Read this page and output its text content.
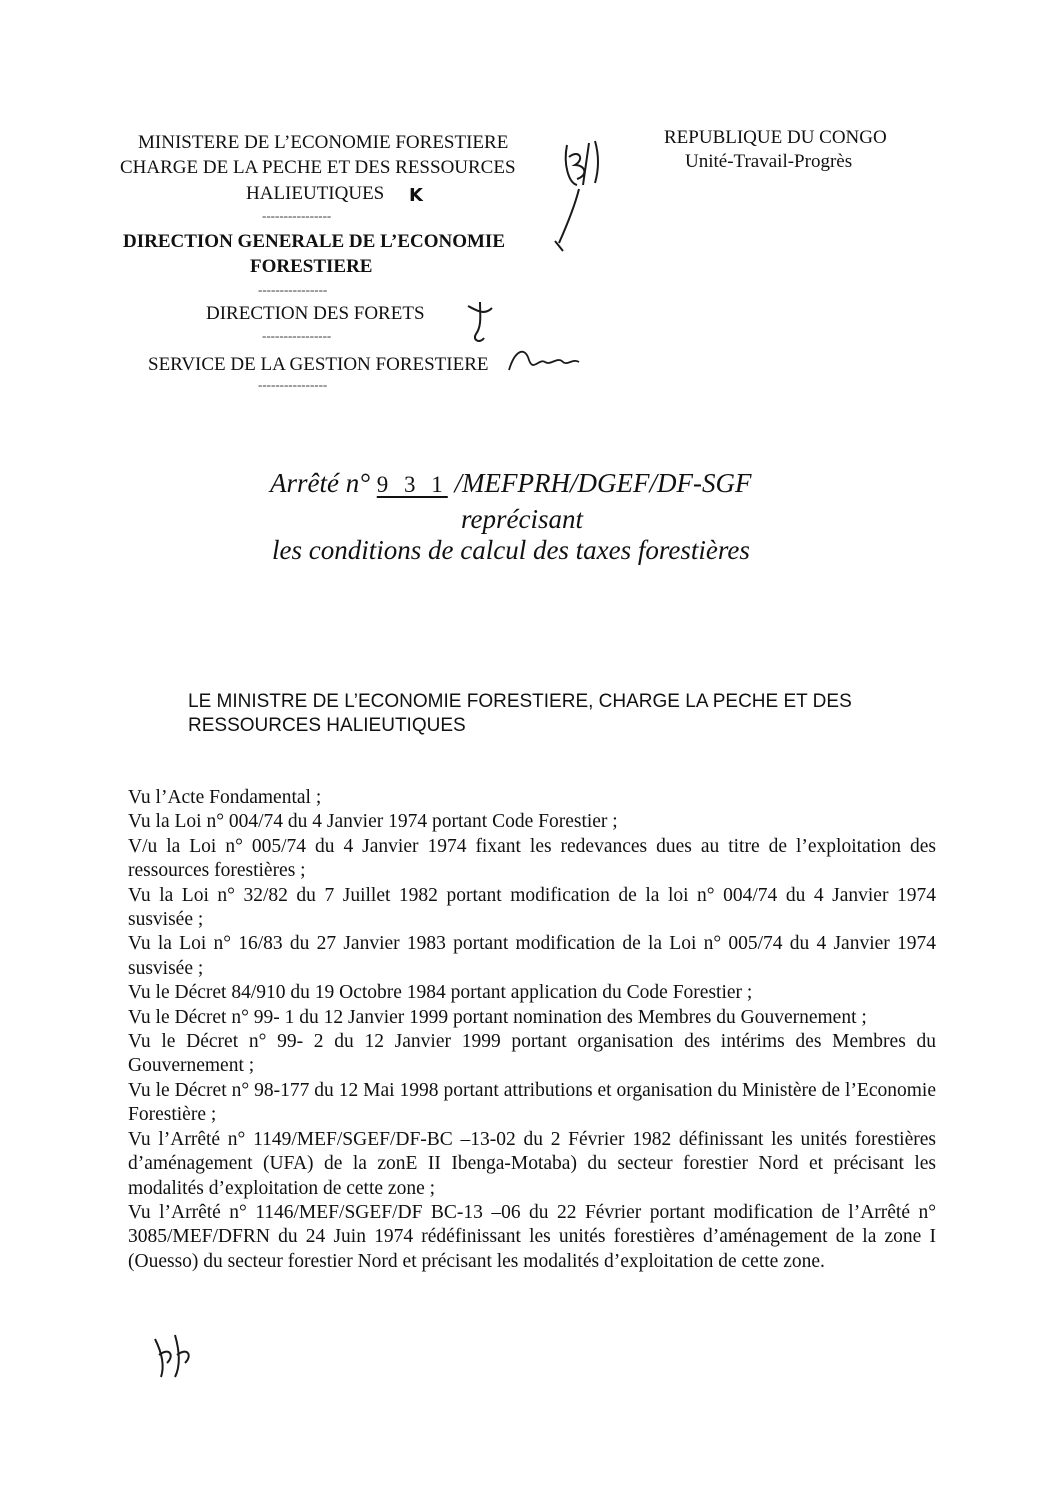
MINISTERE DE L’ECONOMIE FORESTIERE
CHARGE DE LA PECHE ET DES RESSOURCES
HALIEUTIQUES K
----------------
DIRECTION GENERALE DE L’ECONOMIE
FORESTIERE
----------------
DIRECTION DES FORETS
----------------
SERVICE DE LA GESTION FORESTIERE
----------------
REPUBLIQUE DU CONGO
Unité-Travail-Progrès
Arrêté n° 9 3 1 /MEFPRH/DGEF/DF-SGF
reprécisant
les conditions de calcul des taxes forestières
LE MINISTRE DE L’ECONOMIE FORESTIERE, CHARGE LA PECHE ET DES RESSOURCES HALIEUTIQUES

Vu l’Acte Fondamental ;

Vu la Loi n° 004/74 du 4 Janvier 1974 portant Code Forestier ;

V/u la Loi n° 005/74 du 4 Janvier 1974 fixant les redevances dues au titre de l’exploitation des ressources forestières ;

Vu la Loi n° 32/82 du 7 Juillet 1982 portant modification de la loi n° 004/74 du 4 Janvier 1974 susvisée ;

Vu la Loi n° 16/83 du 27 Janvier 1983 portant modification de la Loi n° 005/74 du 4 Janvier 1974 susvisée ;

Vu le Décret 84/910 du 19 Octobre 1984 portant application du Code Forestier ;

Vu le Décret n° 99- 1 du 12 Janvier 1999 portant nomination des Membres du Gouvernement ;

Vu le Décret n° 99- 2 du 12 Janvier 1999 portant organisation des intérims des Membres du Gouvernement ;

Vu le Décret n° 98-177 du 12 Mai 1998 portant attributions et organisation du Ministère de l’Economie Forestière ;

Vu l’Arrêté n° 1149/MEF/SGEF/DF-BC –13-02 du 2 Février 1982 définissant les unités forestières d’aménagement (UFA) de la zonE II Ibenga-Motaba) du secteur forestier Nord et précisant les modalités d’exploitation de cette zone ;

Vu l’Arrêté n° 1146/MEF/SGEF/DF BC-13 –06 du 22 Février portant modification de l’Arrêté n° 3085/MEF/DFRN du 24 Juin 1974 rédéfinissant les unités forestières d’aménagement de la zone I (Ouesso) du secteur forestier Nord et précisant les modalités d’exploitation de cette zone.
